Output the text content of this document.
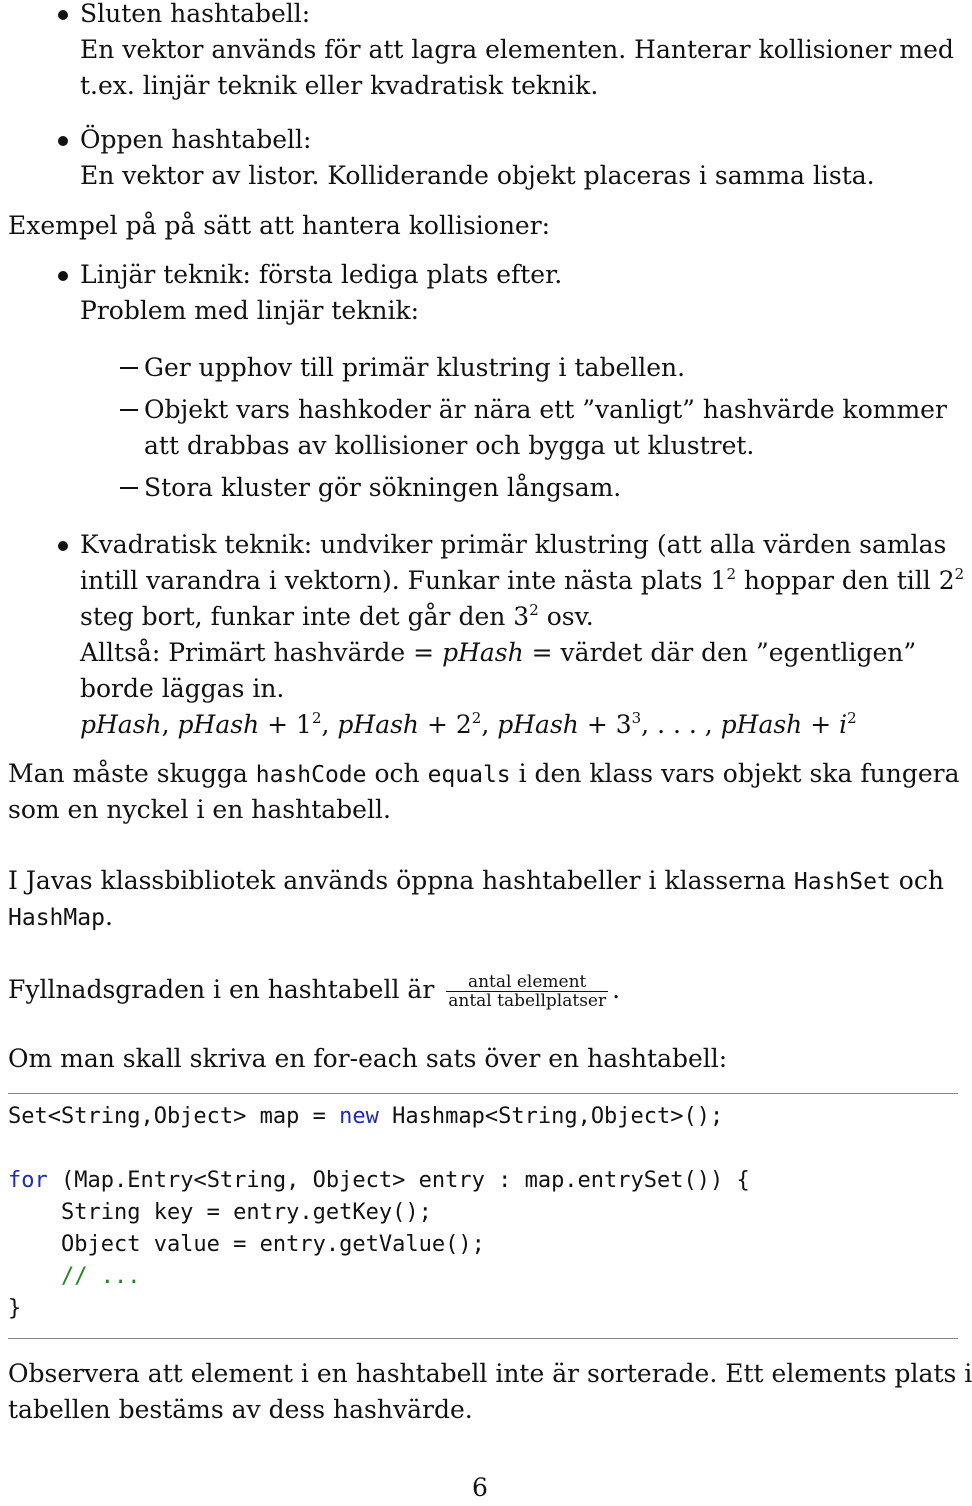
Sluten hashtabell:
En vektor används för att lagra elementen. Hanterar kollisioner med
t.ex. linjär teknik eller kvadratisk teknik.
Öppen hashtabell:
En vektor av listor. Kolliderande objekt placeras i samma lista.
Exempel på på sätt att hantera kollisioner:
Linjär teknik: första lediga plats efter.
Problem med linjär teknik:
Ger upphov till primär klustring i tabellen.
Objekt vars hashkoder är nära ett ”vanligt” hashvärde kommer
att drabbas av kollisioner och bygga ut klustret.
Stora kluster gör sökningen långsam.
Kvadratisk teknik: undviker primär klustring (att alla värden samlas
intill varandra i vektorn). Funkar inte nästa plats $1^2$ hoppar den till $2^2$
steg bort, funkar inte det går den $3^2$ osv.
Alltså: Primärt hashvärde = pHash = värdet där den ”egentligen”
borde läggas in.
pHash, pHash + $1^2$, pHash + $2^2$, pHash + $3^3$, . . . , pHash + $i^2$
Man måste skugga hashCode och equals i den klass vars objekt ska fungera
som en nyckel i en hashtabell.
I Javas klassbibliotek används öppna hashtabeller i klasserna HashSet och
HashMap.
Fyllnadsgraden i en hashtabell är $\frac{\text{antal element}}{\text{antal tabellplatser}}$ .
Om man skall skriva en for-each sats över en hashtabell:
Set<String,Object> map = new Hashmap<String,Object>();
for (Map.Entry<String, Object> entry : map.entrySet()) {
String key = entry.getKey();
Object value = entry.getValue();
// ...
}
Observera att element i en hashtabell inte är sorterade. Ett elements plats i
tabellen bestäms av dess hashvärde.
6
